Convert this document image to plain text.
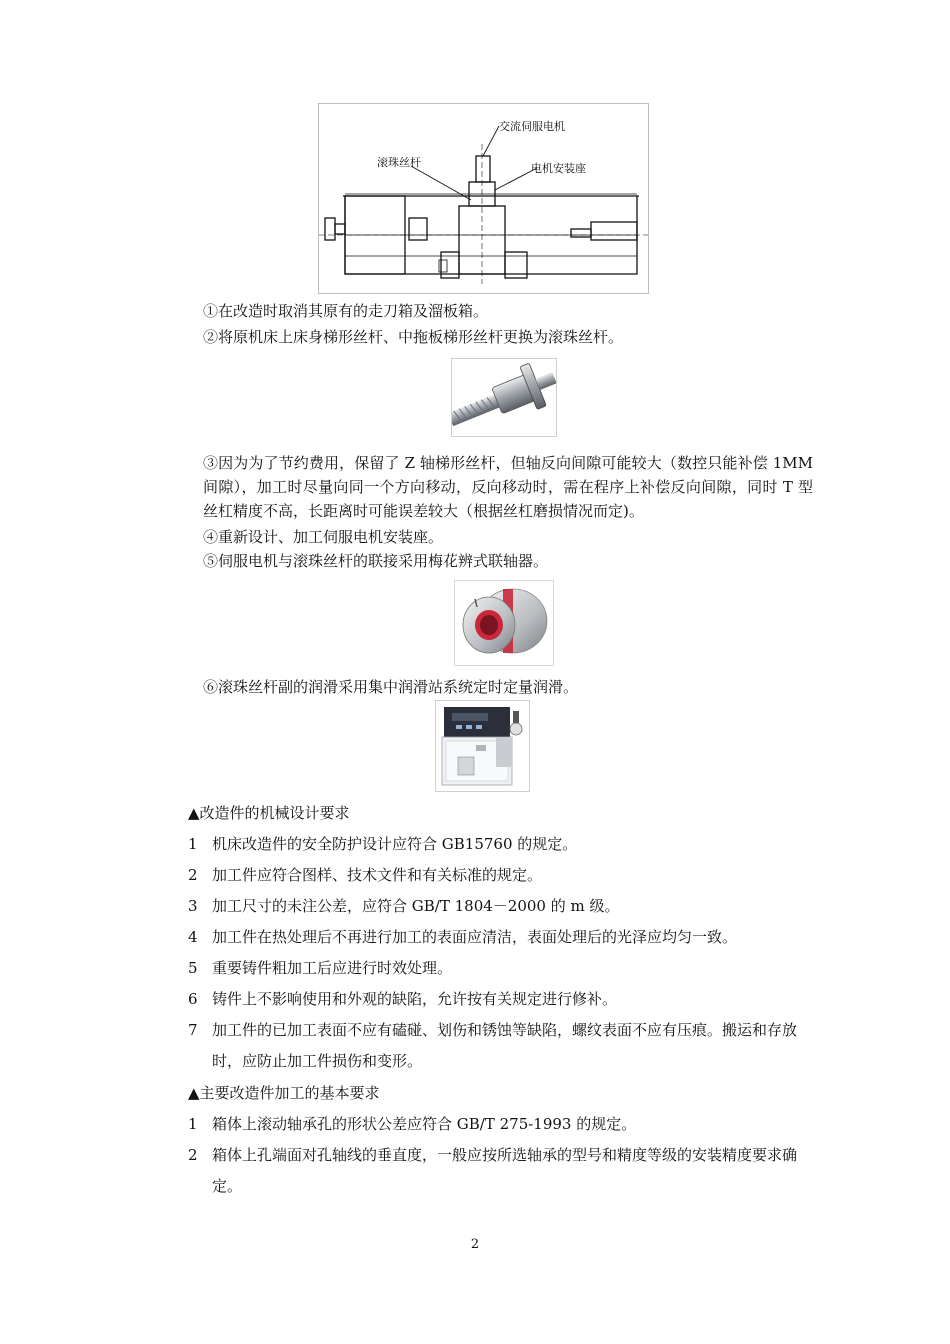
交流伺服电机
滚珠丝杆	电机安装座
①在改造时取消其原有的走刀箱及溜板箱。
②将原机床上床身梯形丝杆、中拖板梯形丝杆更换为滚珠丝杆。
③因为为了节约费用，保留了 Z 轴梯形丝杆，但轴反向间隙可能较大（数控只能补偿 1MM 间隙），加工时尽量向同一个方向移动，反向移动时，需在程序上补偿反向间隙，同时 T 型丝杠精度不高，长距离时可能误差较大（根据丝杠磨损情况而定)。
④重新设计、加工伺服电机安装座。
⑤伺服电机与滚珠丝杆的联接采用梅花辨式联轴器。
⑥滚珠丝杆副的润滑采用集中润滑站系统定时定量润滑。
▲改造件的机械设计要求
1 机床改造件的安全防护设计应符合 GB15760 的规定。
2 加工件应符合图样、技术文件和有关标准的规定。
3 加工尺寸的未注公差，应符合 GB/T 1804－2000 的 m 级。
4 加工件在热处理后不再进行加工的表面应清洁，表面处理后的光泽应均匀一致。
5 重要铸件粗加工后应进行时效处理。
6 铸件上不影响使用和外观的缺陷，允许按有关规定进行修补。
7 加工件的已加工表面不应有磕碰、划伤和锈蚀等缺陷，螺纹表面不应有压痕。搬运和存放时，应防止加工件损伤和变形。
▲主要改造件加工的基本要求
1 箱体上滚动轴承孔的形状公差应符合 GB/T 275-1993 的规定。
2 箱体上孔端面对孔轴线的垂直度，一般应按所选轴承的型号和精度等级的安装精度要求确定。
2
